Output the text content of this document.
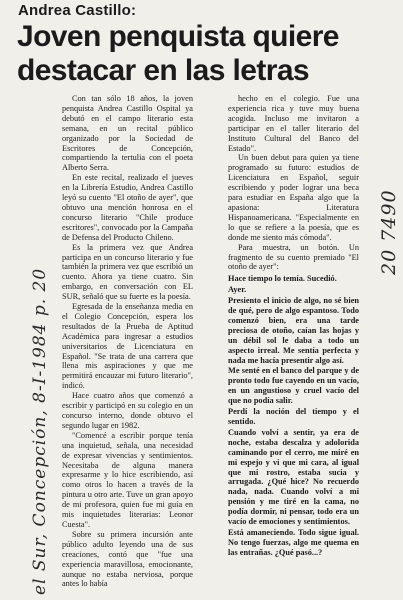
Andrea Castillo:
Joven penquista quiere destacar en las letras

Con tan sólo 18 años, la joven penquista Andrea Castillo Ospital ya debutó en el campo literario esta semana, en un recital público organizado por la Sociedad de Escritores de Concepción, compartiendo la tertulia con el poeta Alberto Serra.

En este recital, realizado el jueves en la Librería Estudio, Andrea Castillo leyó su cuento "El otoño de ayer", que obtuvo una mención honrosa en el concurso literario "Chile produce escritores", convocado por la Campaña de Defensa del Producto Chileno.

Es la primera vez que Andrea participa en un concurso literario y fue también la primera vez que escribió un cuento. Ahora ya tiene cuatro. Sin embargo, en conversación con EL SUR, señaló que su fuerte es la poesía.

Egresada de la enseñanza media en el Colegio Concepción, espera los resultados de la Prueba de Aptitud Académica para ingresar a estudios universitarios de Licenciatura en Español. "Se trata de una carrera que llena mis aspiraciones y que me permitirá encauzar mi futuro literario", indicó.

Hace cuatro años que comenzó a escribir y participó en su colegio en un concurso interno, donde obtuvo el segundo lugar en 1982.

"Comencé a escribir porque tenía una inquietud, señala, una necesidad de expresar vivencias y sentimientos. Necesitaba de alguna manera expresarme y lo hice escribiendo, así como otros lo hacen a través de la pintura u otro arte. Tuve un gran apoyo de mi profesora, quien fue mi guía en mis inquietudes literarias: Leonor Cuesta".

Sobre su primera incursión ante público adulto leyendo una de sus creaciones, contó que "fue una experiencia maravillosa, emocionante, aunque no estaba nerviosa, porque antes lo había

hecho en el colegio. Fue una experiencia rica y tuve muy buena acogida. Incluso me invitaron a participar en el taller literario del Instituto Cultural del Banco del Estado".

Un buen debut para quien ya tiene programado su futuro: estudios de Licenciatura en Español, seguir escribiendo y poder lograr una beca para estudiar en España algo que la apasiona: Literatura Hispanoamericana. "Especialmente en lo que se refiere a la poesía, que es donde me siento más cómoda".

Para muestra, un botón. Un fragmento de su cuento premiado "El otoño de ayer":

Hace tiempo lo temía. Sucedió.

Ayer.

Presiento el inicio de algo, no sé bien de qué, pero de algo espantoso. Todo comenzó bien, era una tarde preciosa de otoño, caían las hojas y un débil sol le daba a todo un aspecto irreal. Me sentía perfecta y nada me hacía presentir algo así.

Me senté en el banco del parque y de pronto todo fue cayendo en un vacío, en un angustioso y cruel vacío del que no podía salir.

Perdí la noción del tiempo y el sentido.

Cuando volví a sentir, ya era de noche, estaba descalza y adolorida caminando por el cerro, me miré en mi espejo y vi que mi cara, al igual que mi rostro, estaba sucia y arrugada. ¿Qué hice? No recuerdo nada, nada. Cuando volví a mi pensión y me tiré en la cama, no podía dormir, ni pensar, todo era un vacío de emociones y sentimientos.

Está amaneciendo. Todo sigue igual. No tengo fuerzas, algo me quema en las entrañas. ¿Qué pasó...?

el Sur, Concepción, 8-I-1984 p. 20
20 7490
